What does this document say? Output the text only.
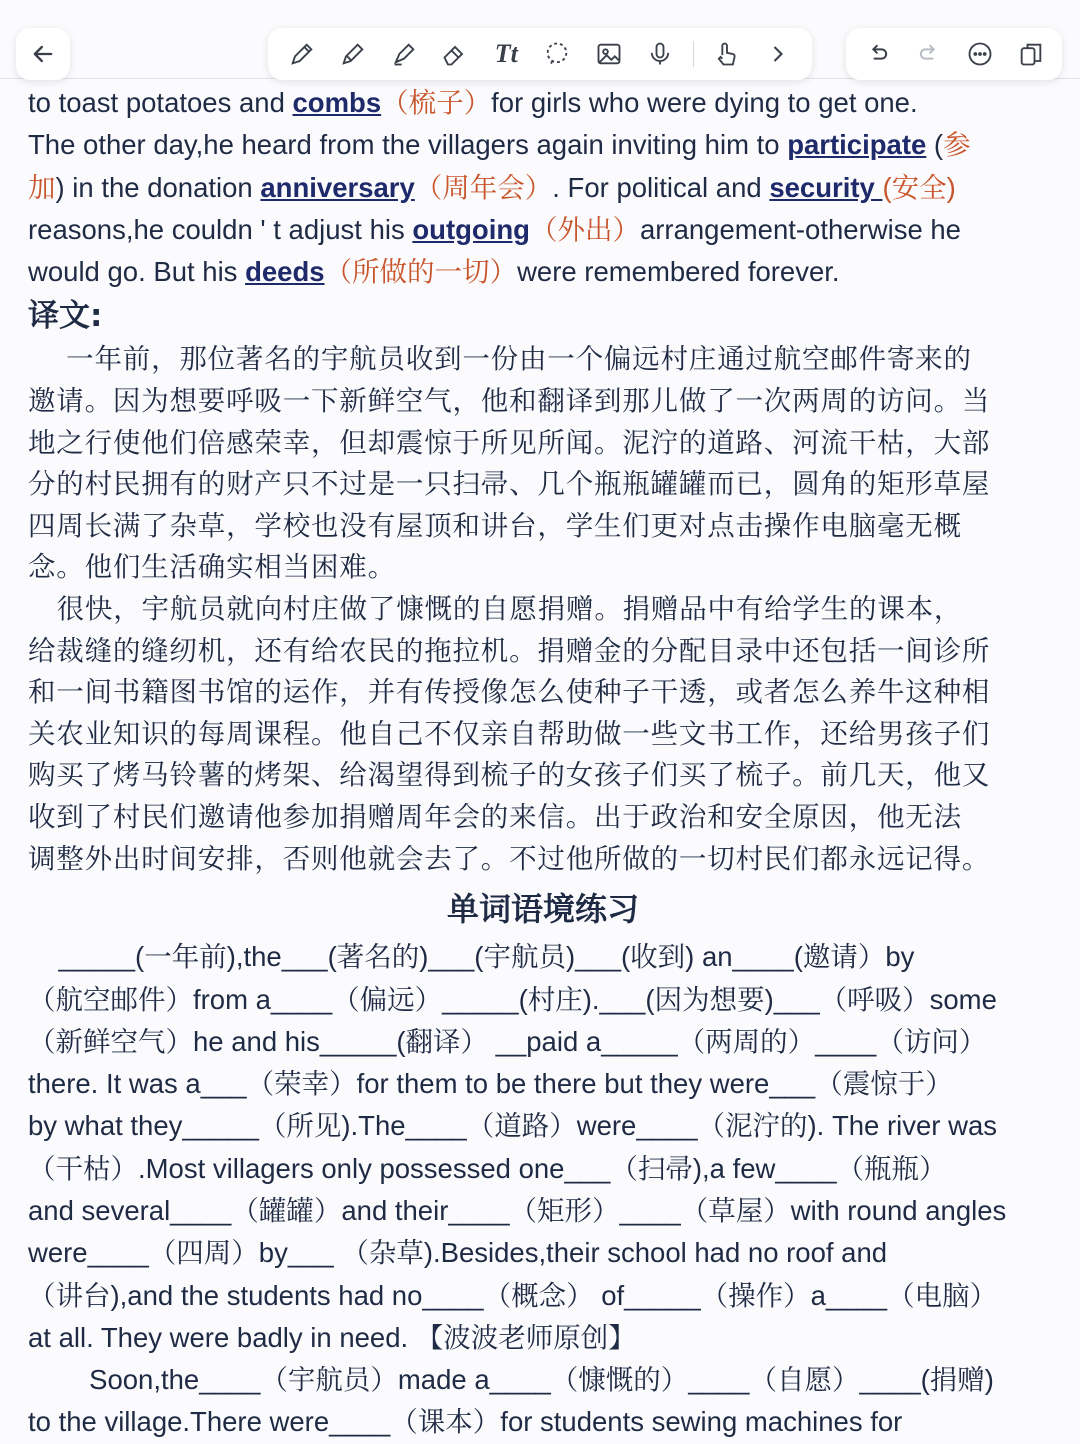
Tt
to toast potatoes and combs（梳子）for girls who were dying to get one.
The other day,he heard from the villagers again inviting him to participate (参
加) in the donation anniversary（周年会）. For political and security (安全)
reasons,he couldn ' t adjust his outgoing（外出）arrangement-otherwise he
would go. But his deeds（所做的一切）were remembered forever.
译文:
一年前，那位著名的宇航员收到一份由一个偏远村庄通过航空邮件寄来的
邀请。因为想要呼吸一下新鲜空气，他和翻译到那儿做了一次两周的访问。当
地之行使他们倍感荣幸，但却震惊于所见所闻。泥泞的道路、河流干枯，大部
分的村民拥有的财产只不过是一只扫帚、几个瓶瓶罐罐而已，圆角的矩形草屋
四周长满了杂草，学校也没有屋顶和讲台，学生们更对点击操作电脑毫无概
念。他们生活确实相当困难。
很快，宇航员就向村庄做了慷慨的自愿捐赠。捐赠品中有给学生的课本，
给裁缝的缝纫机，还有给农民的拖拉机。捐赠金的分配目录中还包括一间诊所
和一间书籍图书馆的运作，并有传授像怎么使种子干透，或者怎么养牛这种相
关农业知识的每周课程。他自己不仅亲自帮助做一些文书工作，还给男孩子们
购买了烤马铃薯的烤架、给渴望得到梳子的女孩子们买了梳子。前几天，他又
收到了村民们邀请他参加捐赠周年会的来信。出于政治和安全原因，他无法
调整外出时间安排，否则他就会去了。不过他所做的一切村民们都永远记得。
单词语境练习
_____(一年前),the___(著名的)___(宇航员)___(收到) an____(邀请）by
（航空邮件）from a____（偏远）_____(村庄).___(因为想要)___（呼吸）some
（新鲜空气）he and his_____(翻译） __paid a_____（两周的）____（访问）
there. It was a___（荣幸）for them to be there but they were___（震惊于）
by what they_____（所见).The____（道路）were____（泥泞的). The river was
（干枯）.Most villagers only possessed one___（扫帚),a few____（瓶瓶）
and several____（罐罐）and their____（矩形）____（草屋）with round angles
were____（四周）by___ （杂草).Besides,their school had no roof and
（讲台),and the students had no____（概念） of_____（操作）a____（电脑）
at all. They were badly in need. 【波波老师原创】
Soon,the____（宇航员）made a____（慷慨的）____（自愿）____(捐赠)
to the village.There were____（课本）for students sewing machines for
